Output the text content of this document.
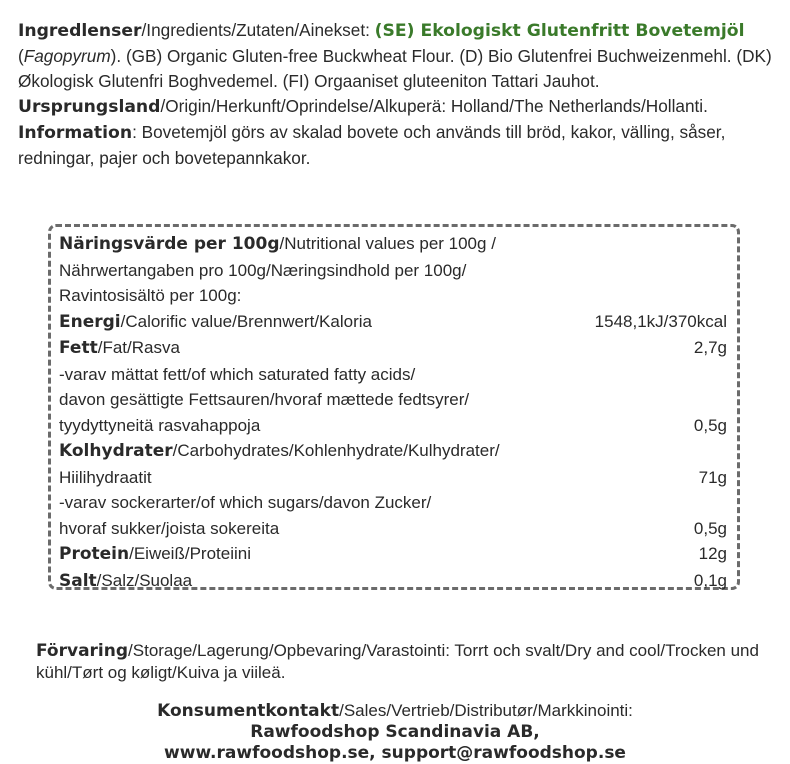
Ingredlenser/Ingredients/Zutaten/Ainekset: (SE) Ekologiskt Glutenfritt Bovetemjöl (Fagopyrum). (GB) Organic Gluten-free Buckwheat Flour. (D) Bio Glutenfrei Buchweizenmehl. (DK) Økologisk Glutenfri Boghvedemel. (FI) Orgaaniset gluteeniton Tattari Jauhot. Ursprungsland/Origin/Herkunft/Oprindelse/Alkuperä: Holland/The Netherlands/Hollanti. Information: Bovetemjöl görs av skalad bovete och används till bröd, kakor, välling, såser, redningar, pajer och bovetepannkakor.
Näringsvärde per 100g/Nutritional values per 100g /
Nährwertangaben pro 100g/Næringsindhold per 100g/
Ravintosisältö per 100g:
Energi/Calorific value/Brennwert/Kaloria	1548,1kJ/370kcal
Fett/Fat/Rasva	2,7g
-varav mättat fett/of which saturated fatty acids/
davon gesättigte Fettsauren/hvoraf mættede fedtsyrer/
tyydyttyneitä rasvahappoja	0,5g
Kolhydrater/Carbohydrates/Kohlenhydrate/Kulhydrater/
Hiilihydraatit	71g
-varav sockerarter/of which sugars/davon Zucker/
hvoraf sukker/joista sokereita	0,5g
Protein/Eiweiß/Proteiini	12g
Salt/Salz/Suolaa	0,1g
Förvaring/Storage/Lagerung/Opbevaring/Varastointi: Torrt och svalt/Dry and cool/Trocken und kühl/Tørt og køligt/Kuiva ja viileä.
Konsumentkontakt/Sales/Vertrieb/Distributør/Markkinointi:
Rawfoodshop Scandinavia AB,
www.rawfoodshop.se, support@rawfoodshop.se
